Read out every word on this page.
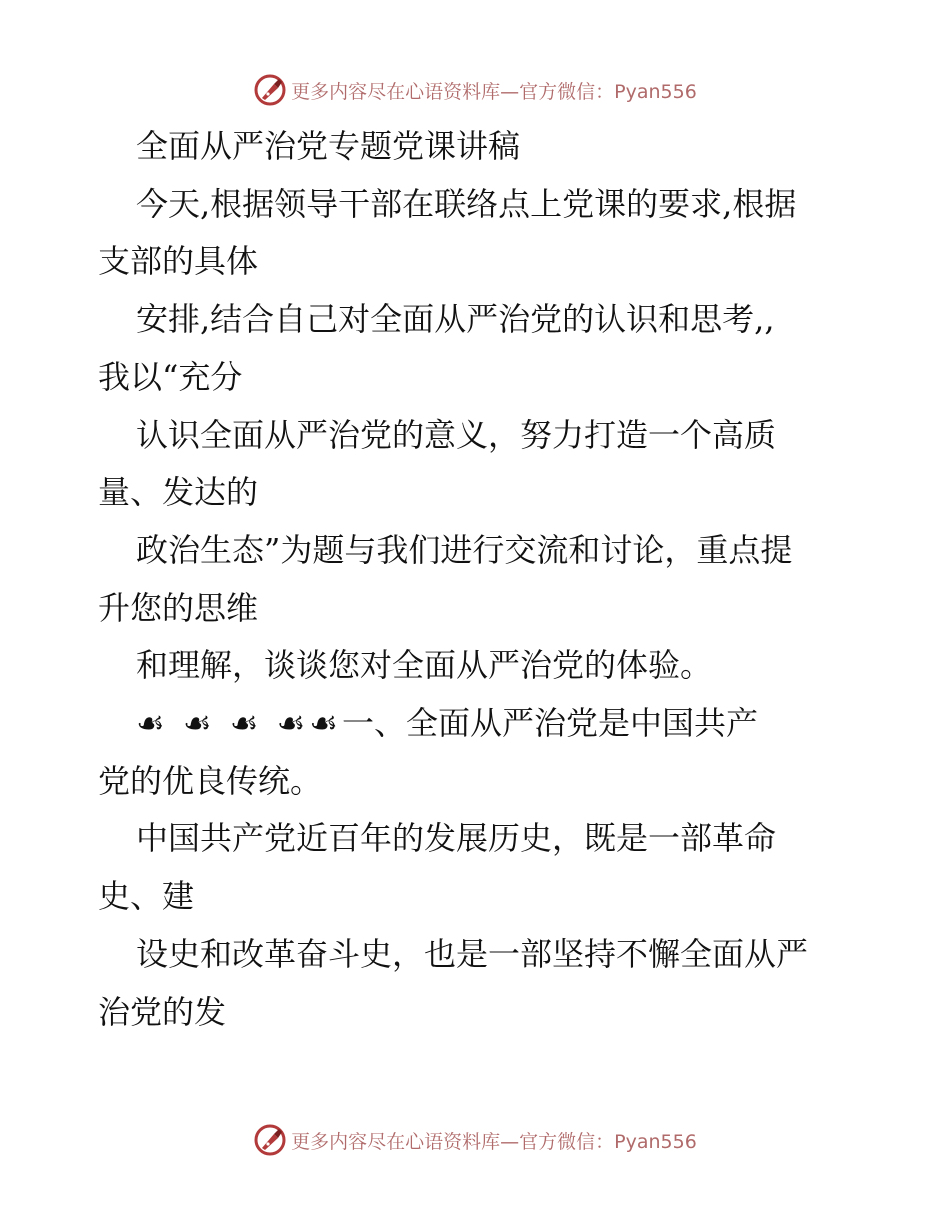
更多内容尽在心语资料库—官方微信：Pyan556

全面从严治党专题党课讲稿

今天,根据领导干部在联络点上党课的要求,根据

支部的具体

安排,结合自己对全面从严治党的认识和思考,,

我以“充分

认识全面从严治党的意义，努力打造一个高质

量、发达的

政治生态”为题与我们进行交流和讨论，重点提

升您的思维

和理解，谈谈您对全面从严治党的体验。

☙ ☙ ☙ ☙☙一、全面从严治党是中国共产

党的优良传统。

中国共产党近百年的发展历史，既是一部革命

史、建

设史和改革奋斗史，也是一部坚持不懈全面从严

治党的发

更多内容尽在心语资料库—官方微信：Pyan556
